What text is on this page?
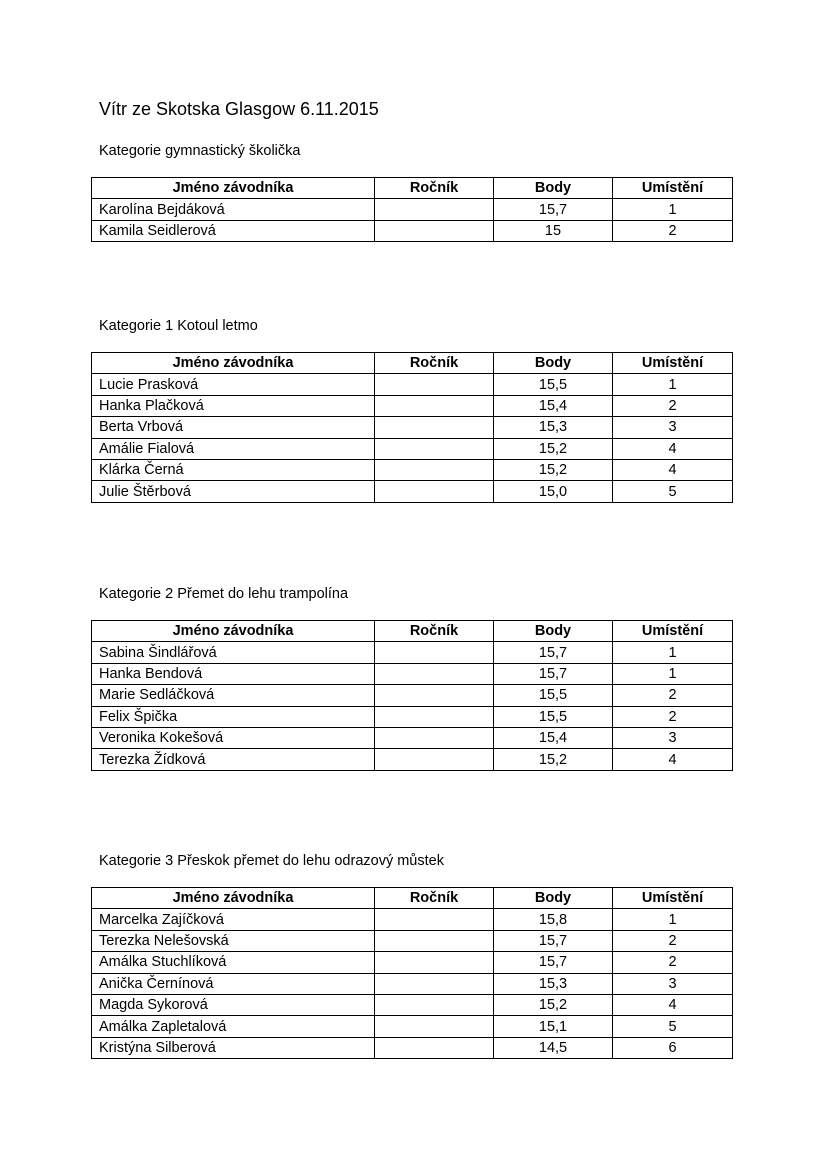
Vítr ze Skotska Glasgow 6.11.2015
Kategorie gymnastický školička
Jméno závodníka	Ročník	Body	Umístění
Karolína Bejdáková		15,7	1
Kamila Seidlerová		15	2
Kategorie 1 Kotoul letmo
Jméno závodníka	Ročník	Body	Umístění
Lucie Prasková		15,5	1
Hanka Plačková		15,4	2
Berta Vrbová		15,3	3
Amálie Fialová		15,2	4
Klárka Černá		15,2	4
Julie Štěrbová		15,0	5
Kategorie 2 Přemet do lehu trampolína
Jméno závodníka	Ročník	Body	Umístění
Sabina Šindlářová		15,7	1
Hanka Bendová		15,7	1
Marie Sedláčková		15,5	2
Felix Špička		15,5	2
Veronika Kokešová		15,4	3
Terezka Žídková		15,2	4
Kategorie 3 Přeskok přemet do lehu odrazový můstek
Jméno závodníka	Ročník	Body	Umístění
Marcelka Zajíčková		15,8	1
Terezka Nelešovská		15,7	2
Amálka Stuchlíková		15,7	2
Anička Černínová		15,3	3
Magda Sykorová		15,2	4
Amálka Zapletalová		15,1	5
Kristýna Silberová		14,5	6
